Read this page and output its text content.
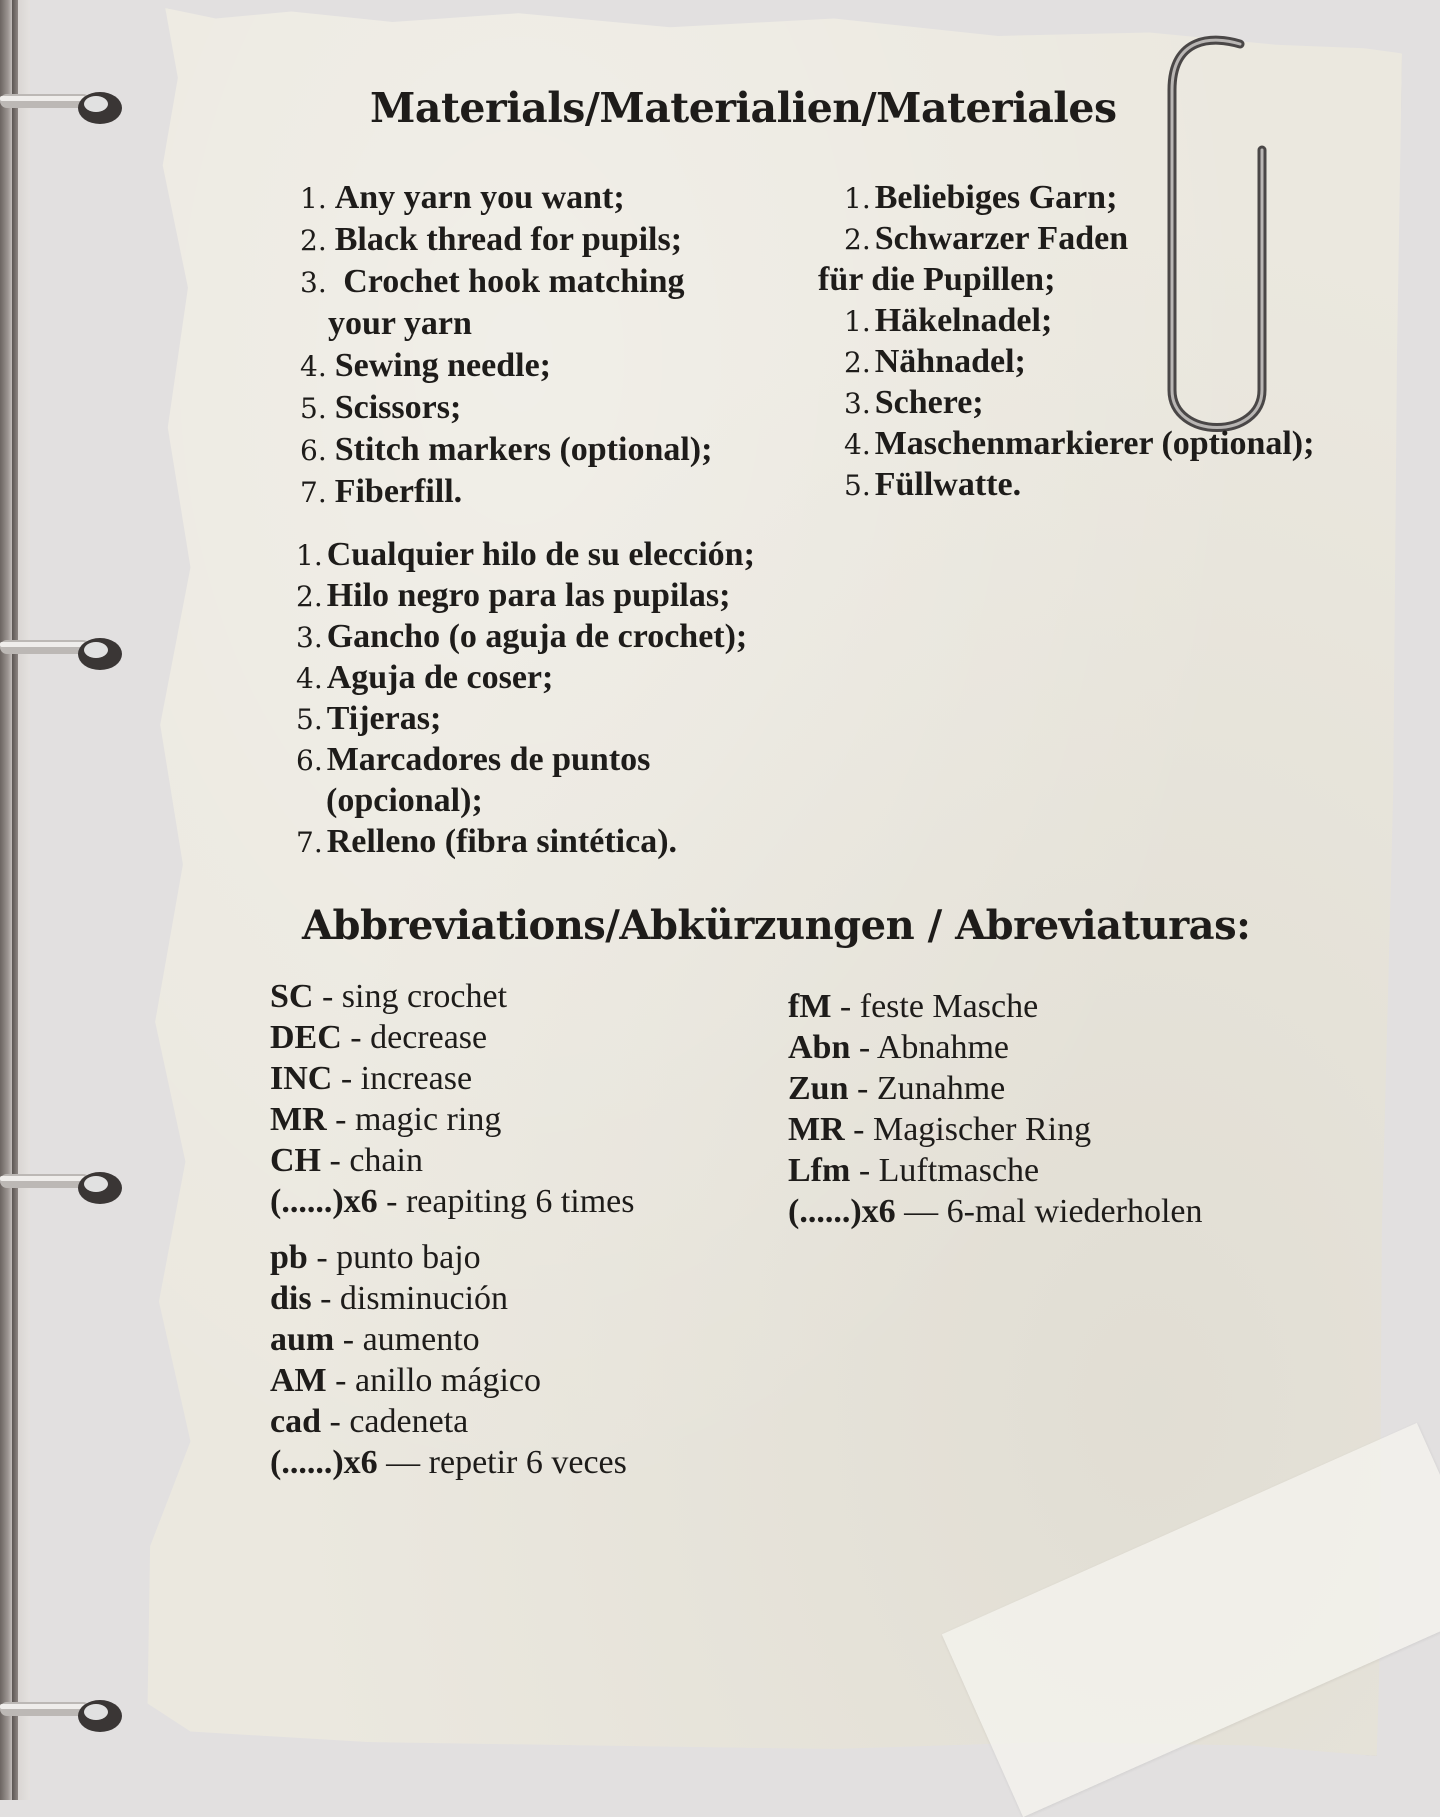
Materials/Materialien/Materiales
1. Any yarn you want;
2. Black thread for pupils;
3. Crochet hook matching
your yarn
4. Sewing needle;
5. Scissors;
6. Stitch markers (optional);
7. Fiberfill.
1. Beliebiges Garn;
2. Schwarzer Faden
für die Pupillen;
1. Häkelnadel;
2. Nähnadel;
3. Schere;
4. Maschenmarkierer (optional);
5. Füllwatte.
1. Cualquier hilo de su elección;
2. Hilo negro para las pupilas;
3. Gancho (o aguja de crochet);
4. Aguja de coser;
5. Tijeras;
6. Marcadores de puntos
(opcional);
7. Relleno (fibra sintética).
Abbreviations/Abkürzungen / Abreviaturas:
SC - sing crochet
DEC - decrease
INC - increase
MR - magic ring
CH - chain
(......)x6 - reapiting 6 times
fM - feste Masche
Abn - Abnahme
Zun - Zunahme
MR - Magischer Ring
Lfm - Luftmasche
(......)x6 — 6-mal wiederholen
pb - punto bajo
dis - disminución
aum - aumento
AM - anillo mágico
cad - cadeneta
(......)x6 — repetir 6 veces
